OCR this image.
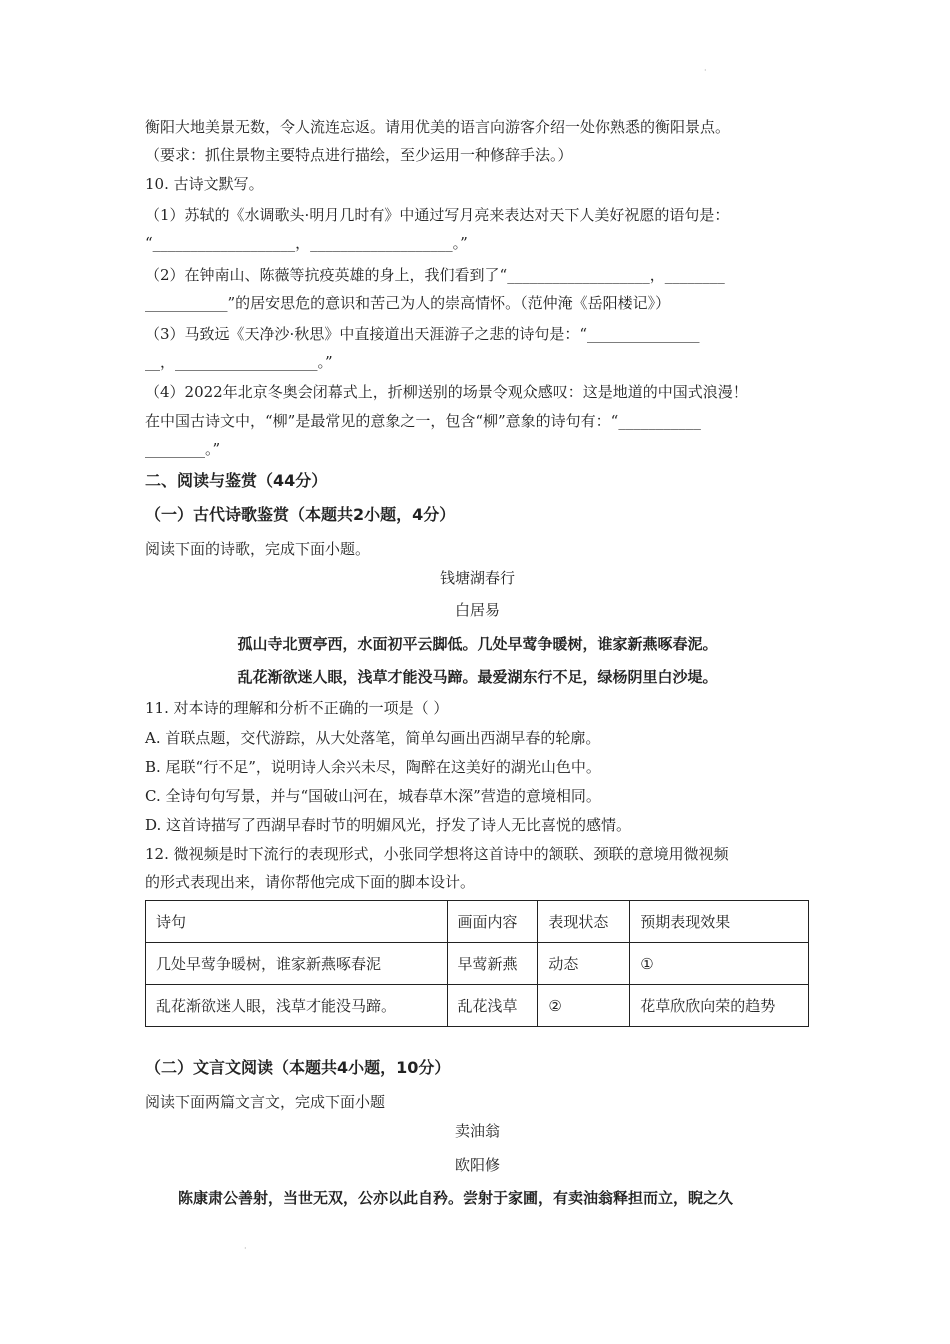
·
衡阳大地美景无数，令人流连忘返。请用优美的语言向游客介绍一处你熟悉的衡阳景点。
（要求：抓住景物主要特点进行描绘，至少运用一种修辞手法。）
10. 古诗文默写。
（1）苏轼的《水调歌头·明月几时有》中通过写月亮来表达对天下人美好祝愿的语句是：
“___________________，___________________。”
（2）在钟南山、陈薇等抗疫英雄的身上，我们看到了“___________________，________
___________”的居安思危的意识和苦己为人的崇高情怀。（范仲淹《岳阳楼记》）
（3）马致远《天净沙·秋思》中直接道出天涯游子之悲的诗句是：“_______________
__，___________________。”
（4）2022年北京冬奥会闭幕式上，折柳送别的场景令观众感叹：这是地道的中国式浪漫！
在中国古诗文中，“柳”是最常见的意象之一，包含“柳”意象的诗句有：“___________
________。”
二、阅读与鉴赏（44分）
（一）古代诗歌鉴赏（本题共2小题，4分）
阅读下面的诗歌，完成下面小题。
钱塘湖春行
白居易
孤山寺北贾亭西，水面初平云脚低。几处早莺争暖树，谁家新燕啄春泥。
乱花渐欲迷人眼，浅草才能没马蹄。最爱湖东行不足，绿杨阴里白沙堤。
11. 对本诗的理解和分析不正确的一项是（ ）
A. 首联点题，交代游踪，从大处落笔，简单勾画出西湖早春的轮廓。
B. 尾联“行不足”，说明诗人余兴未尽，陶醉在这美好的湖光山色中。
C. 全诗句句写景，并与“国破山河在，城春草木深”营造的意境相同。
D. 这首诗描写了西湖早春时节的明媚风光，抒发了诗人无比喜悦的感情。
12. 微视频是时下流行的表现形式，小张同学想将这首诗中的颔联、颈联的意境用微视频
的形式表现出来，请你帮他完成下面的脚本设计。
诗句	画面内容	表现状态	预期表现效果
几处早莺争暖树，谁家新燕啄春泥	早莺新燕	动态	①
乱花渐欲迷人眼，浅草才能没马蹄。	乱花浅草	②	花草欣欣向荣的趋势
（二）文言文阅读（本题共4小题，10分）
阅读下面两篇文言文，完成下面小题
卖油翁
欧阳修
陈康肃公善射，当世无双，公亦以此自矜。尝射于家圃，有卖油翁释担而立，睨之久
·
